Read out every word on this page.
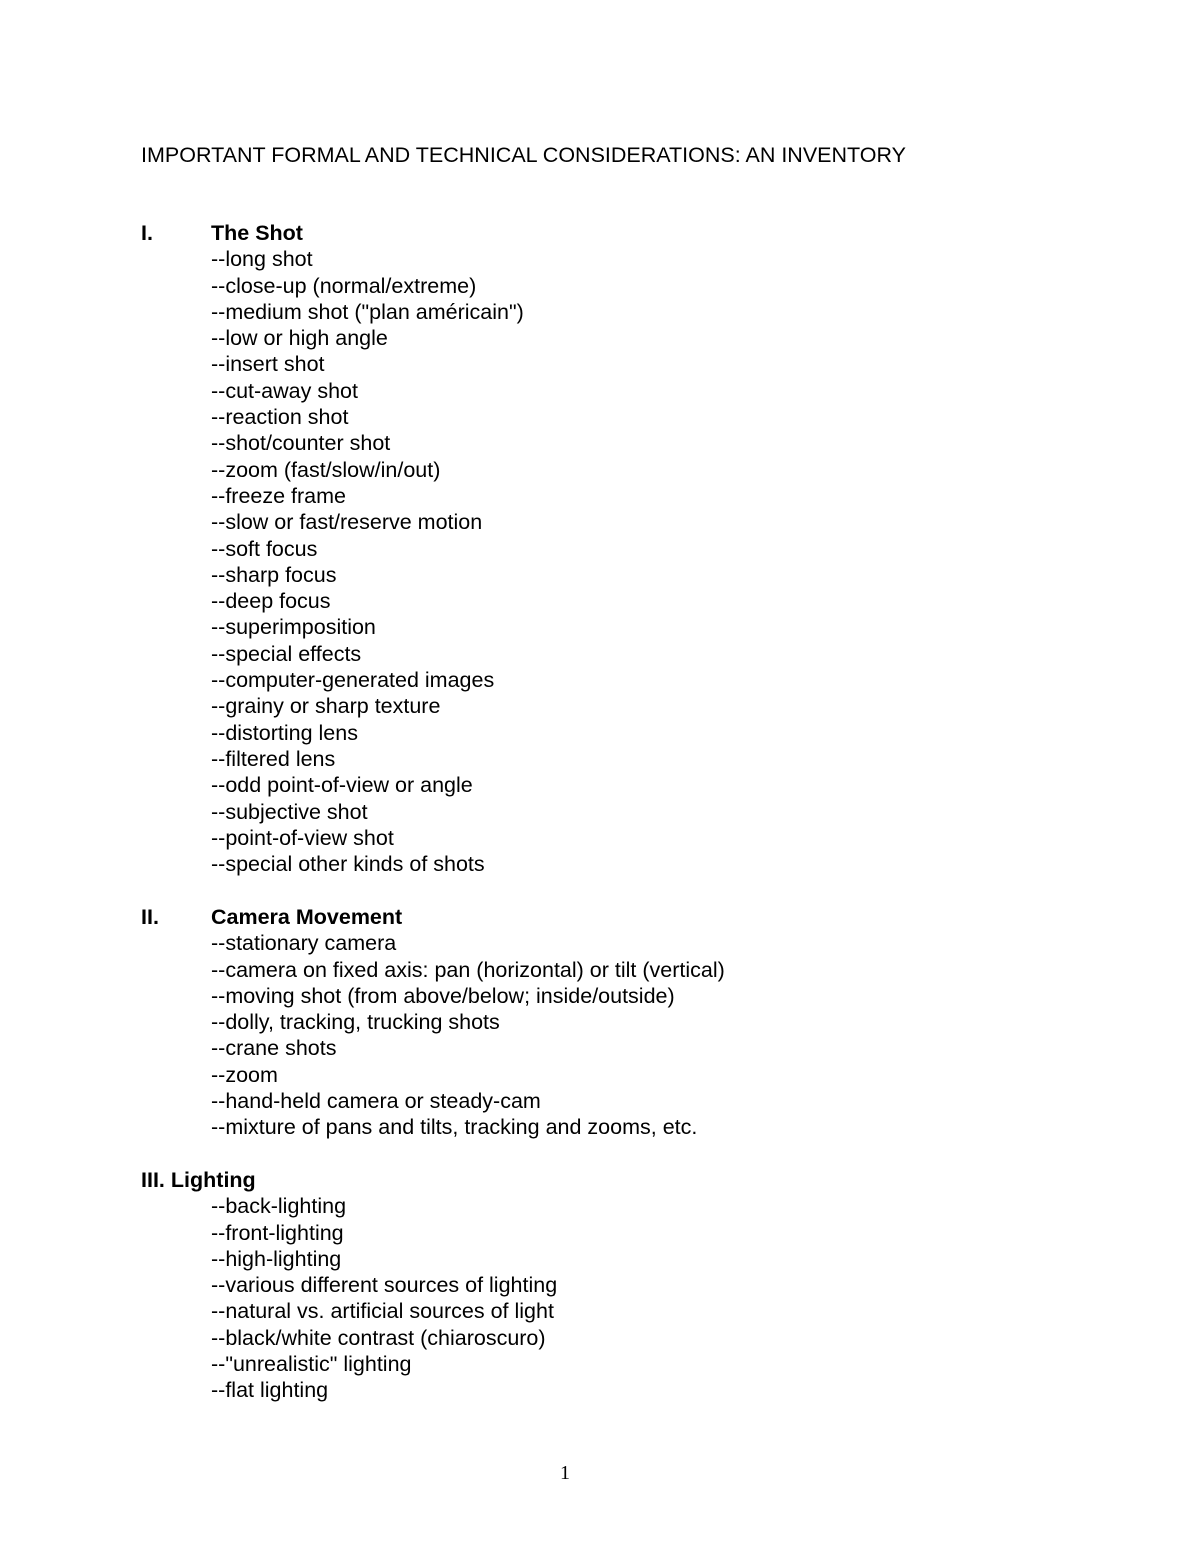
IMPORTANT FORMAL AND TECHNICAL CONSIDERATIONS: AN INVENTORY
I.	The Shot
--long shot
--close-up (normal/extreme)
--medium shot ("plan américain")
--low or high angle
--insert shot
--cut-away shot
--reaction shot
--shot/counter shot
--zoom (fast/slow/in/out)
--freeze frame
--slow or fast/reserve motion
--soft focus
--sharp focus
--deep focus
--superimposition
--special effects
--computer-generated images
--grainy or sharp texture
--distorting lens
--filtered lens
--odd point-of-view or angle
--subjective shot
--point-of-view shot
--special other kinds of shots
II.	Camera Movement
--stationary camera
--camera on fixed axis: pan (horizontal) or tilt (vertical)
--moving shot (from above/below; inside/outside)
--dolly, tracking, trucking shots
--crane shots
--zoom
--hand-held camera or steady-cam
--mixture of pans and tilts, tracking and zooms, etc.
III. Lighting
--back-lighting
--front-lighting
--high-lighting
--various different sources of lighting
--natural vs. artificial sources of light
--black/white contrast (chiaroscuro)
--"unrealistic" lighting
--flat lighting
1
